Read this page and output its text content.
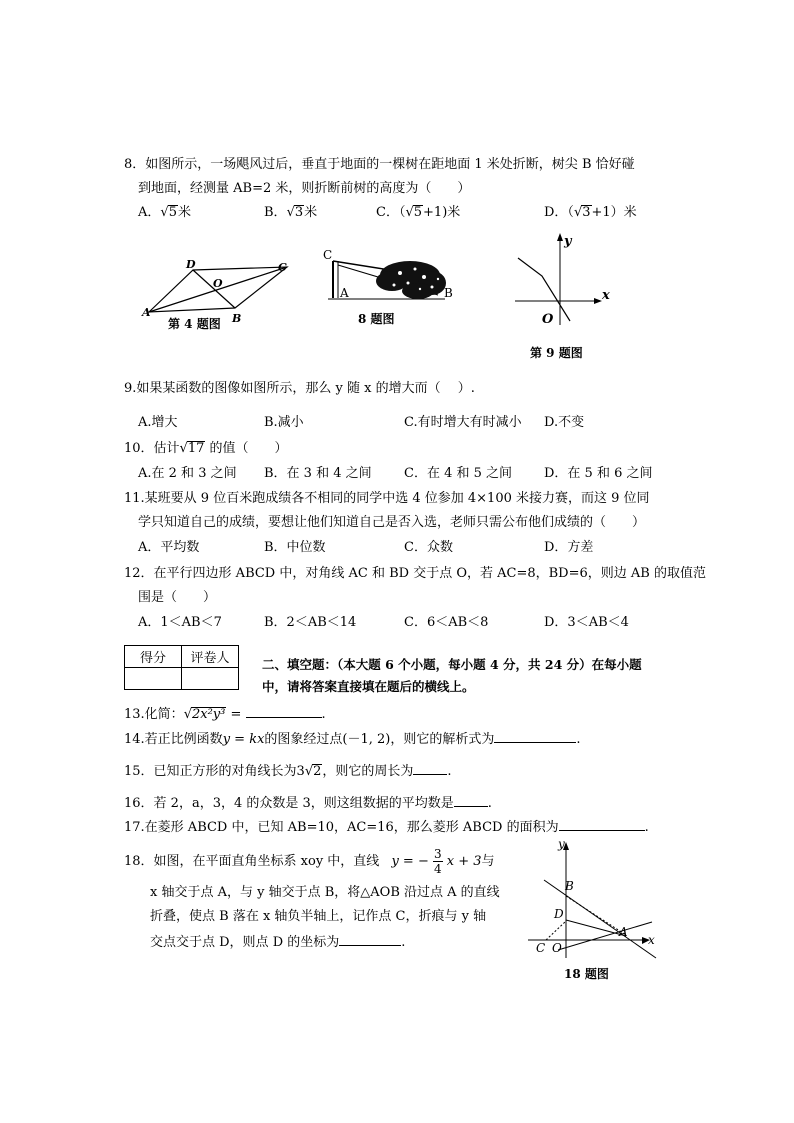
8．如图所示，一场飓风过后，垂直于地面的一棵树在距地面 1 米处折断，树尖 B 恰好碰
到地面，经测量 AB=2 米，则折断前树的高度为（　　）
A．√5米	B．√3米	C．（√5+1)米	D．（√3+1）米
D	C
O
A	B
第 4 题图
C
A	B
8 题图
y
x
O
第 9 题图
9.如果某函数的图像如图所示，那么 y 随 x 的增大而（　 ）.
A.增大	B.减小	C.有时增大有时减小 D.不变
10．估计√17 的值（　　）
A.在 2 和 3 之间 B．在 3 和 4 之间 C．在 4 和 5 之间 D．在 5 和 6 之间
11.某班要从 9 位百米跑成绩各不相同的同学中选 4 位参加 4×100 米接力赛，而这 9 位同
学只知道自己的成绩，要想让他们知道自己是否入选，老师只需公布他们成绩的（　　）
A．平均数	B．中位数	C．众数	D．方差
12．在平行四边形 ABCD 中，对角线 AC 和 BD 交于点 O，若 AC=8，BD=6，则边 AB 的取值范
围是（　　）
A．1＜AB＜7	B．2＜AB＜14	C．6＜AB＜8	D．3＜AB＜4
得分	评卷人
		二、填空题：（本大题 6 个小题，每小题 4 分，共 24 分）在每小题
中，请将答案直接填在题后的横线上。
13.化简：√2x²y³ =	.
14.若正比例函数y = kx的图象经过点(－1, 2)，则它的解析式为	.
15．已知正方形的对角线长为3√2，则它的周长为	.
16．若 2，a，3，4 的众数是 3，则这组数据的平均数是	.
17.在菱形 ABCD 中，已知 AB=10，AC=16，那么菱形 ABCD 的面积为	.
18．如图，在平面直角坐标系 xoy 中，直线 y = − $\frac{3}{4}$ x + 3与
x 轴交于点 A，与 y 轴交于点 B，将△AOB 沿过点 A 的直线
折叠，使点 B 落在 x 轴负半轴上，记作点 C，折痕与 y 轴
交点交于点 D，则点 D 的坐标为	.
y
x
B
D
A
C O
18 题图
